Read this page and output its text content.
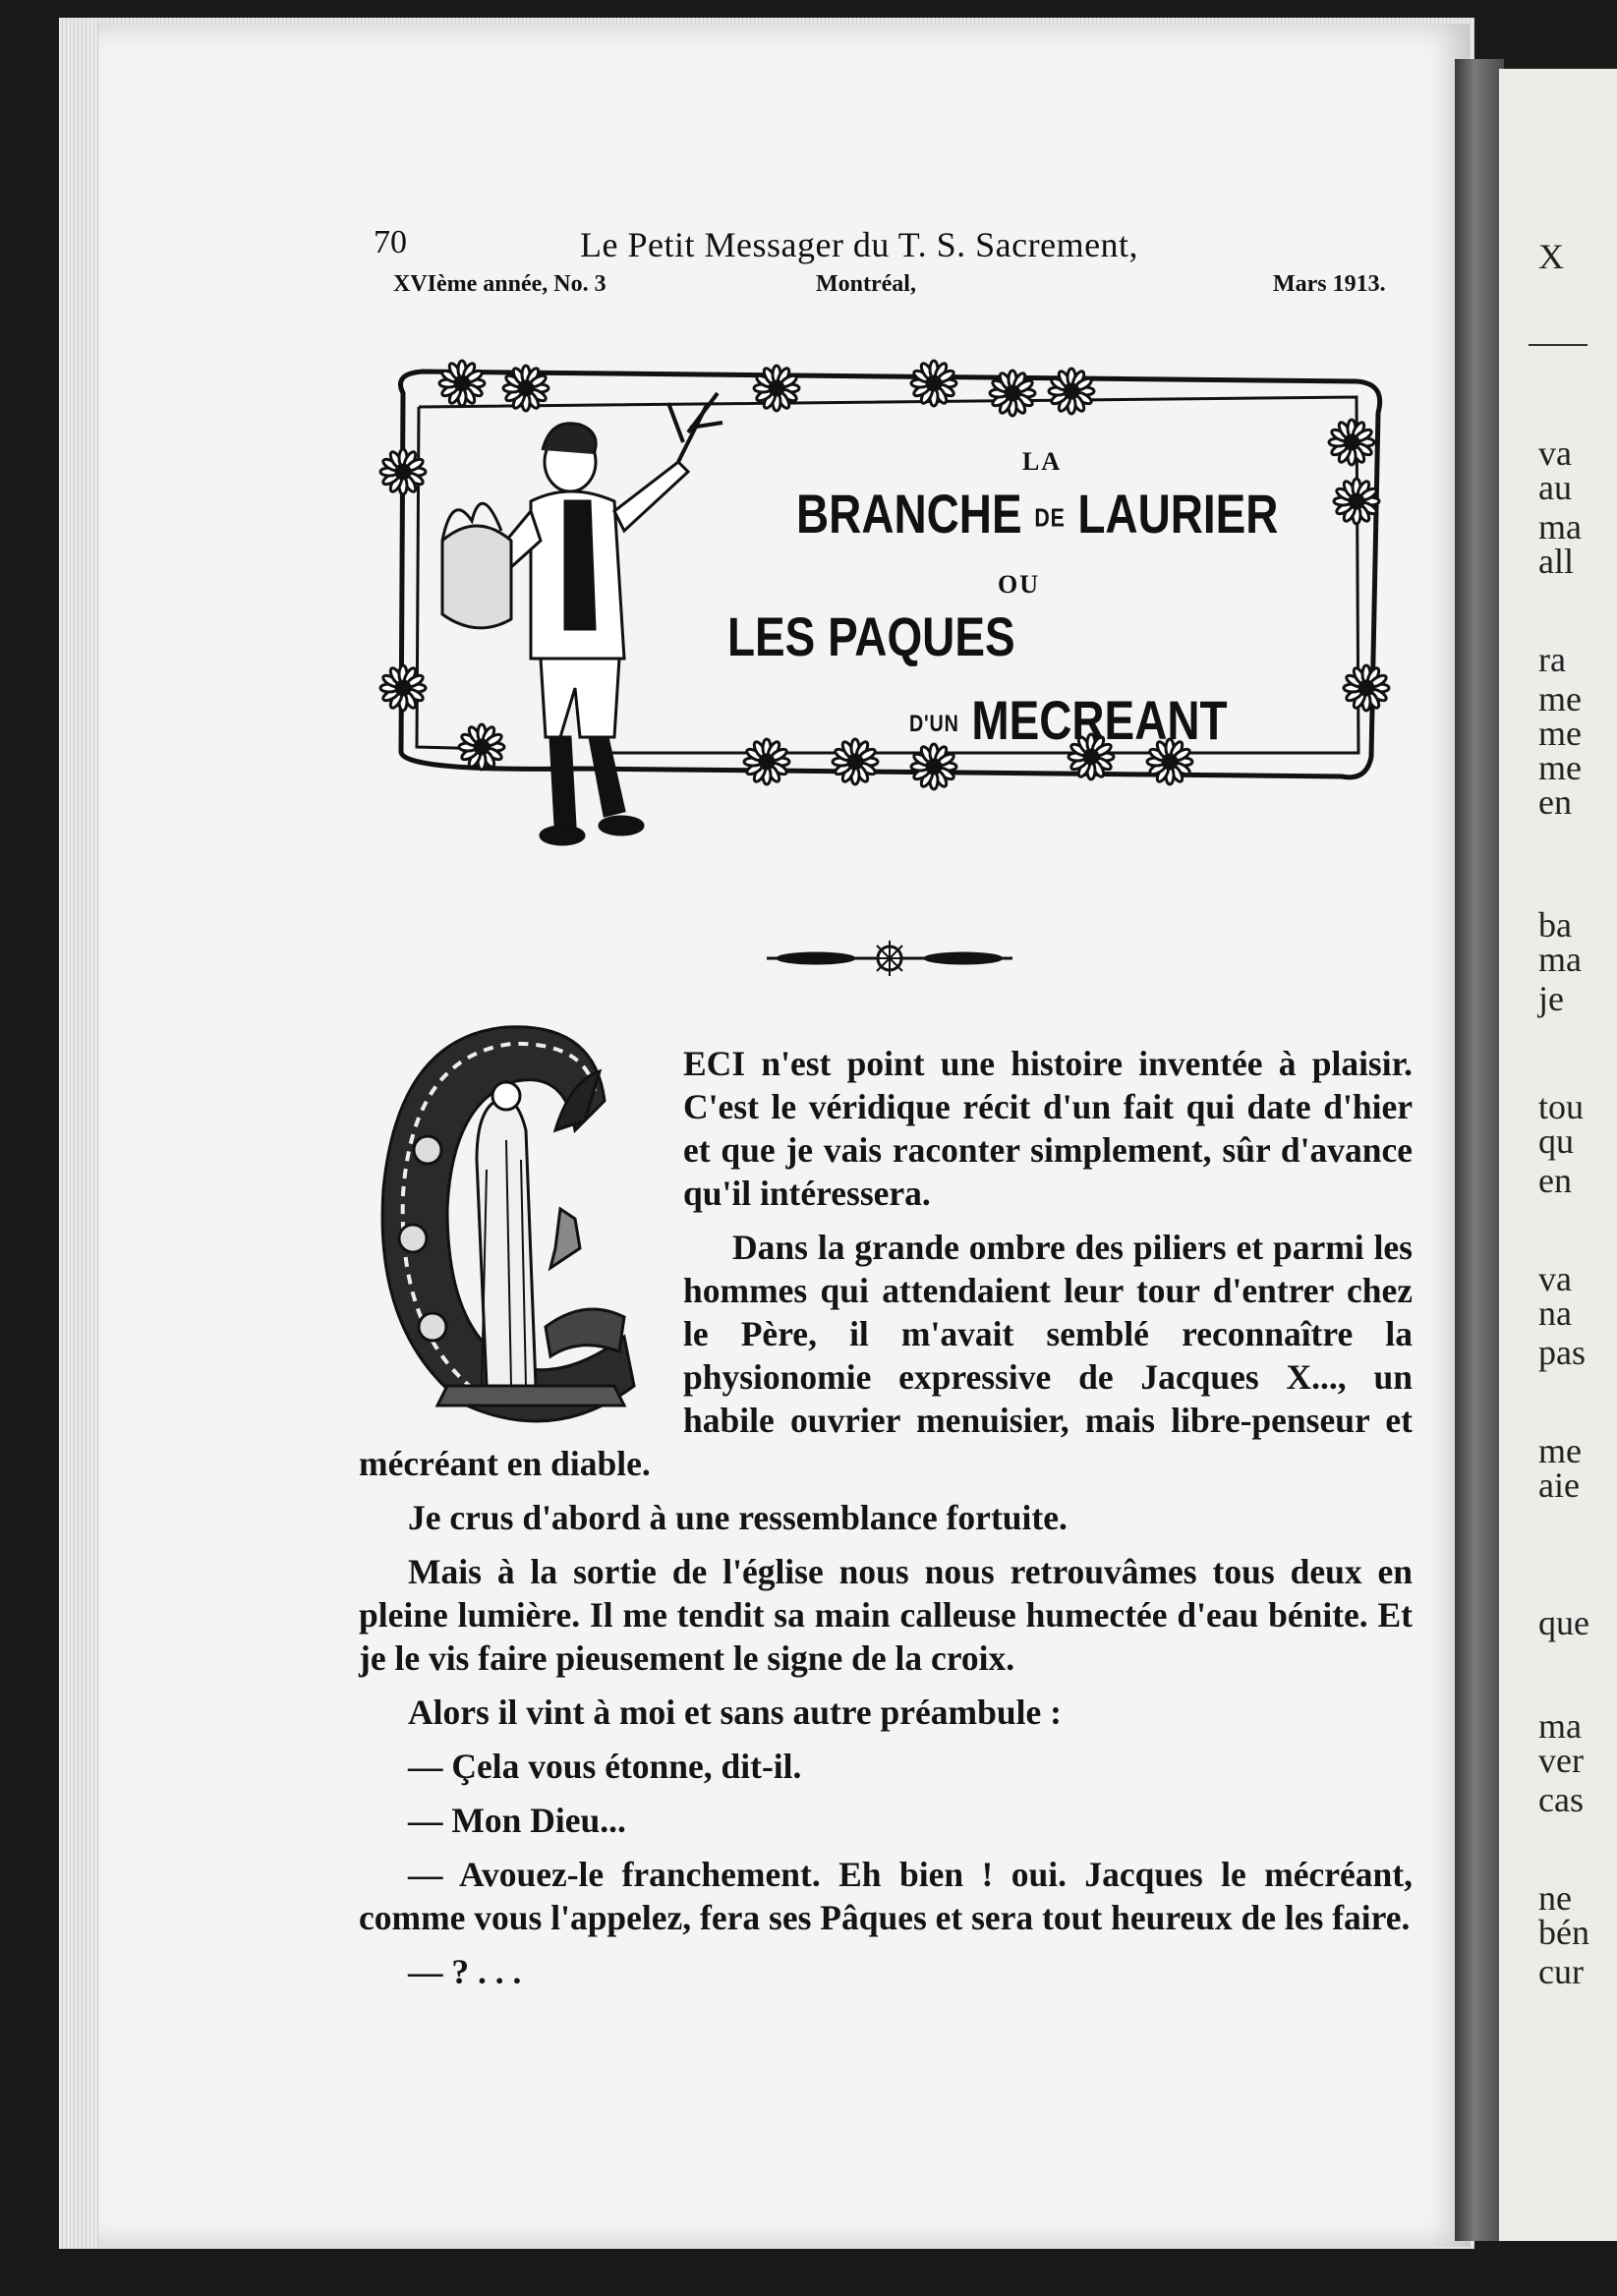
X
va
au
ma
all
ra
me
me
me
en
ba
ma
je
tou
qu
en
va
na
pas
me
aie
que
ma
ver
cas
ne
bén
cur
70	Le Petit Messager du T. S. Sacrement,
XVIème année, No. 3	Montréal,	Mars 1913.
LA
BRANCHE DE LAURIER
OU
LES PAQUES
D'UN MECREANT

ECI n'est point une histoire inventée à plaisir. C'est le véridique récit d'un fait qui date d'hier et que je vais raconter simplement, sûr d'avance qu'il intéressera.

Dans la grande ombre des piliers et parmi les hommes qui attendaient leur tour d'entrer chez le Père, il m'avait semblé reconnaître la physionomie expressive de Jacques X..., un habile ouvrier menuisier, mais libre-penseur et mécréant en diable.

Je crus d'abord à une ressemblance fortuite.

Mais à la sortie de l'église nous nous retrouvâmes tous deux en pleine lumière. Il me tendit sa main calleuse humectée d'eau bénite. Et je le vis faire pieusement le signe de la croix.

Alors il vint à moi et sans autre préambule :

— Çela vous étonne, dit-il.

— Mon Dieu...

— Avouez-le franchement. Eh bien ! oui. Jacques le mécréant, comme vous l'appelez, fera ses Pâques et sera tout heureux de les faire.

— ? . . .
